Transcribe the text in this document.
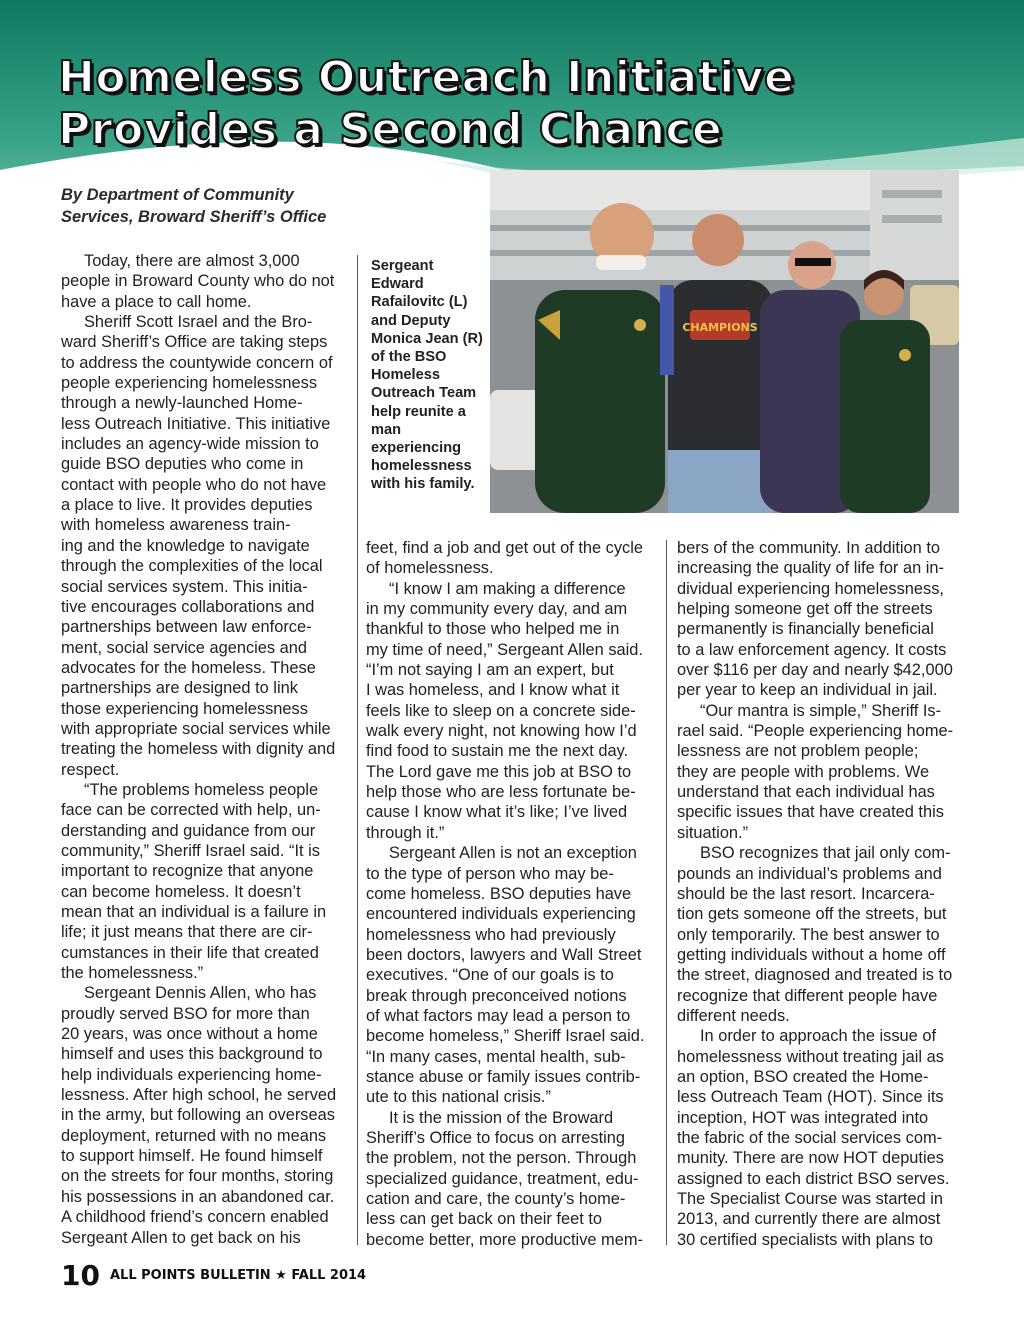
Homeless Outreach Initiative
Provides a Second Chance
By Department of Community
Services, Broward Sheriff’s Office
CHAMPIONS
Sergeant Edward Rafailovitc (L) and Deputy Monica Jean (R) of the BSO Homeless Outreach Team help reunite a man experiencing homelessness with his family.

Today, there are almost 3,000

people in Broward County who do not

have a place to call home.

Sheriff Scott Israel and the Bro-

ward Sheriff’s Office are taking steps

to address the countywide concern of

people experiencing homelessness

through a newly-launched Home-

less Outreach Initiative. This initiative

includes an agency-wide mission to

guide BSO deputies who come in

contact with people who do not have

a place to live. It provides deputies

with homeless awareness train-

ing and the knowledge to navigate

through the complexities of the local

social services system. This initia-

tive encourages collaborations and

partnerships between law enforce-

ment, social service agencies and

advocates for the homeless. These

partnerships are designed to link

those experiencing homelessness

with appropriate social services while

treating the homeless with dignity and

respect.

“The problems homeless people

face can be corrected with help, un-

derstanding and guidance from our

community,” Sheriff Israel said. “It is

important to recognize that anyone

can become homeless. It doesn’t

mean that an individual is a failure in

life; it just means that there are cir-

cumstances in their life that created

the homelessness.”

Sergeant Dennis Allen, who has

proudly served BSO for more than

20 years, was once without a home

himself and uses this background to

help individuals experiencing home-

lessness. After high school, he served

in the army, but following an overseas

deployment, returned with no means

to support himself. He found himself

on the streets for four months, storing

his possessions in an abandoned car.

A childhood friend’s concern enabled

Sergeant Allen to get back on his

feet, find a job and get out of the cycle

of homelessness.

“I know I am making a difference

in my community every day, and am

thankful to those who helped me in

my time of need,” Sergeant Allen said.

“I’m not saying I am an expert, but

I was homeless, and I know what it

feels like to sleep on a concrete side-

walk every night, not knowing how I’d

find food to sustain me the next day.

The Lord gave me this job at BSO to

help those who are less fortunate be-

cause I know what it’s like; I’ve lived

through it.”

Sergeant Allen is not an exception

to the type of person who may be-

come homeless. BSO deputies have

encountered individuals experiencing

homelessness who had previously

been doctors, lawyers and Wall Street

executives. “One of our goals is to

break through preconceived notions

of what factors may lead a person to

become homeless,” Sheriff Israel said.

“In many cases, mental health, sub-

stance abuse or family issues contrib-

ute to this national crisis.”

It is the mission of the Broward

Sheriff’s Office to focus on arresting

the problem, not the person. Through

specialized guidance, treatment, edu-

cation and care, the county’s home-

less can get back on their feet to

become better, more productive mem-

bers of the community. In addition to

increasing the quality of life for an in-

dividual experiencing homelessness,

helping someone get off the streets

permanently is financially beneficial

to a law enforcement agency. It costs

over $116 per day and nearly $42,000

per year to keep an individual in jail.

“Our mantra is simple,” Sheriff Is-

rael said. “People experiencing home-

lessness are not problem people;

they are people with problems. We

understand that each individual has

specific issues that have created this

situation.”

BSO recognizes that jail only com-

pounds an individual’s problems and

should be the last resort. Incarcera-

tion gets someone off the streets, but

only temporarily. The best answer to

getting individuals without a home off

the street, diagnosed and treated is to

recognize that different people have

different needs.

In order to approach the issue of

homelessness without treating jail as

an option, BSO created the Home-

less Outreach Team (HOT). Since its

inception, HOT was integrated into

the fabric of the social services com-

munity. There are now HOT deputies

assigned to each district BSO serves.

The Specialist Course was started in

2013, and currently there are almost

30 certified specialists with plans to

10 ALL POINTS BULLETIN ★ FALL 2014
